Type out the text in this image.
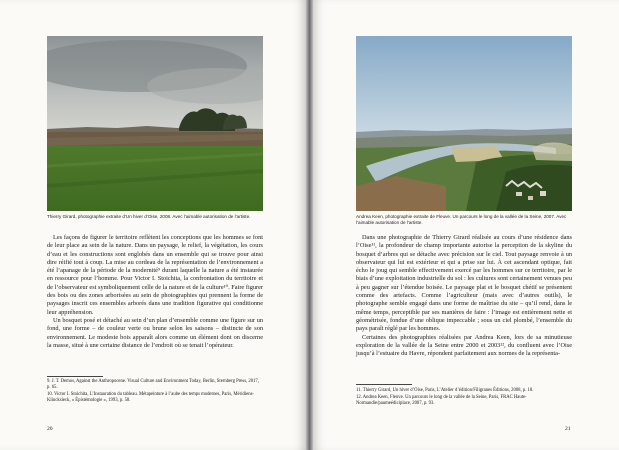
Thierry Girard, photographie extraite d’Un hiver d’Oise, 2008. Avec l’aimable autorisation de l’artiste.	Andrea Keen, photographie extraite de Fleuve. Un parcours le long de la vallée de la Seine, 2007. Avec l’aimable autorisation de l’artiste.

Les façons de figurer le territoire reflètent les conceptions que les hommes se font de leur place au sein de la nature. Dans un paysage, le relief, la végétation, les cours d’eau et les constructions sont englobés dans un ensemble qui se trouve pour ainsi dire réifié tout à coup. La mise au cordeau de la représentation de l’environnement a été l’apanage de la période de la modernité⁹ durant laquelle la nature a été instaurée en ressource pour l’homme. Pour Victor I. Stoichita, la confrontation du territoire et de l’observateur est symboliquement celle de la nature et de la culture¹⁰. Faire figurer des bois ou des zones arborisées au sein de photographies qui prennent la forme de paysages inscrit ces ensembles arborés dans une tradition figurative qui conditionne leur appréhension.

Un bosquet posé et détaché au sein d’un plan d’ensemble comme une figure sur un fond, une forme – de couleur verte ou brune selon les saisons – distincte de son environnement. Le modeste bois apparaît alors comme un élément dont on discerne la masse, situé à une certaine distance de l’endroit où se tenait l’opérateur.

Dans une photographie de Thierry Girard réalisée au cours d’une résidence dans l’Oise¹¹, la profondeur de champ importante autorise la perception de la skyline du bosquet d’arbres qui se détache avec précision sur le ciel. Tout paysage renvoie à un observateur qui lui est extérieur et qui a prise sur lui. À cet ascendant optique, fait écho le joug qui semble effectivement exercé par les hommes sur ce territoire, par le biais d’une exploitation industrielle du sol : les cultures sont certainement venues peu à peu gagner sur l’étendue boisée. Le paysage plat et le bosquet chétif se présentent comme des artefacts. Comme l’agriculteur (mais avec d’autres outils), le photographe semble engagé dans une forme de maîtrise du site – qu’il rend, dans le même temps, perceptible par ses manières de faire : l’image est entièrement nette et géométrisée, fondue d’une oblique impeccable ; sous un ciel plombé, l’ensemble du pays paraît réglé par les hommes.

Certaines des photographies réalisées par Andrea Keen, lors de sa minutieuse exploration de la vallée de la Seine entre 2000 et 2003¹², du confluent avec l’Oise jusqu’à l’estuaire du Havre, répondent parfaitement aux normes de la représenta-

9. J. T. Demos, Against the Anthropocene. Visual Culture and Environment Today, Berlin, Sternberg Press, 2017, p. 65.

10. Victor I. Stoichita, L’Instauration du tableau. Métapeinture à l’aube des temps modernes, Paris, Méridiens-Klincksieck, « Épistémologie », 1993, p. 58.

11. Thierry Girard, Un hiver d’Oise, Paris, L’Atelier d’édition/Filigranes Éditions, 2008, p. 18.

12. Andrea Keen, Fleuve. Un parcours le long de la vallée de la Seine, Paris, FRAC Haute-Normandie/paumeédiciplace, 2007, p. 93.

20	21
